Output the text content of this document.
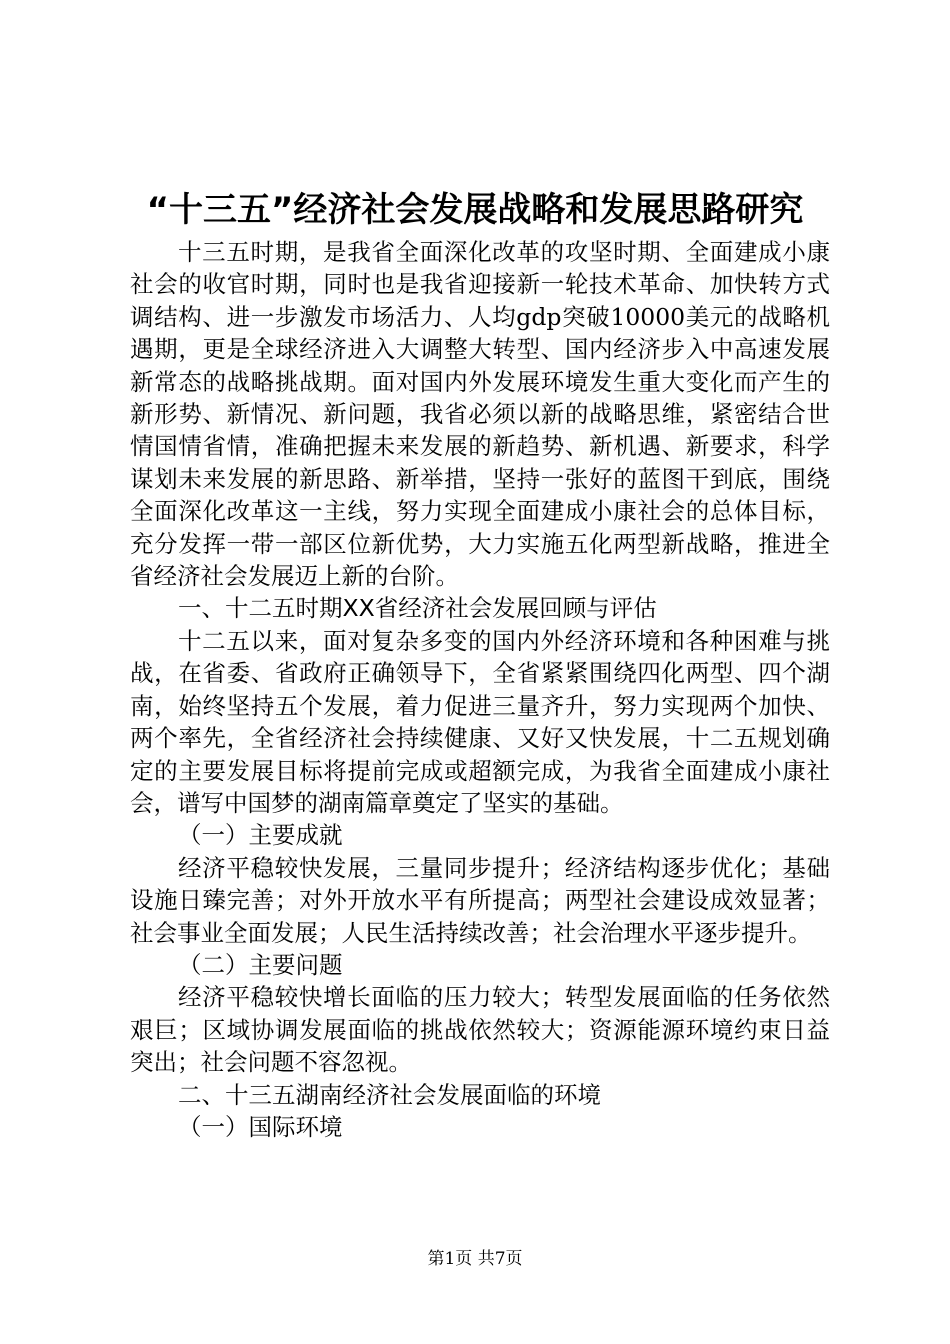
“十三五”经济社会发展战略和发展思路研究

十三五时期，是我省全面深化改革的攻坚时期、全面建成小康社会的收官时期，同时也是我省迎接新一轮技术革命、加快转方式调结构、进一步激发市场活力、人均gdp突破10000美元的战略机遇期，更是全球经济进入大调整大转型、国内经济步入中高速发展新常态的战略挑战期。面对国内外发展环境发生重大变化而产生的新形势、新情况、新问题，我省必须以新的战略思维，紧密结合世情国情省情，准确把握未来发展的新趋势、新机遇、新要求，科学谋划未来发展的新思路、新举措，坚持一张好的蓝图干到底，围绕全面深化改革这一主线，努力实现全面建成小康社会的总体目标，充分发挥一带一部区位新优势，大力实施五化两型新战略，推进全省经济社会发展迈上新的台阶。

一、十二五时期XX省经济社会发展回顾与评估

十二五以来，面对复杂多变的国内外经济环境和各种困难与挑战，在省委、省政府正确领导下，全省紧紧围绕四化两型、四个湖南，始终坚持五个发展，着力促进三量齐升，努力实现两个加快、两个率先，全省经济社会持续健康、又好又快发展，十二五规划确定的主要发展目标将提前完成或超额完成，为我省全面建成小康社会，谱写中国梦的湖南篇章奠定了坚实的基础。

（一）主要成就

经济平稳较快发展，三量同步提升；经济结构逐步优化；基础设施日臻完善；对外开放水平有所提高；两型社会建设成效显著；社会事业全面发展；人民生活持续改善；社会治理水平逐步提升。

（二）主要问题

经济平稳较快增长面临的压力较大；转型发展面临的任务依然艰巨；区域协调发展面临的挑战依然较大；资源能源环境约束日益突出；社会问题不容忽视。

二、十三五湖南经济社会发展面临的环境

（一）国际环境

第1页 共7页
